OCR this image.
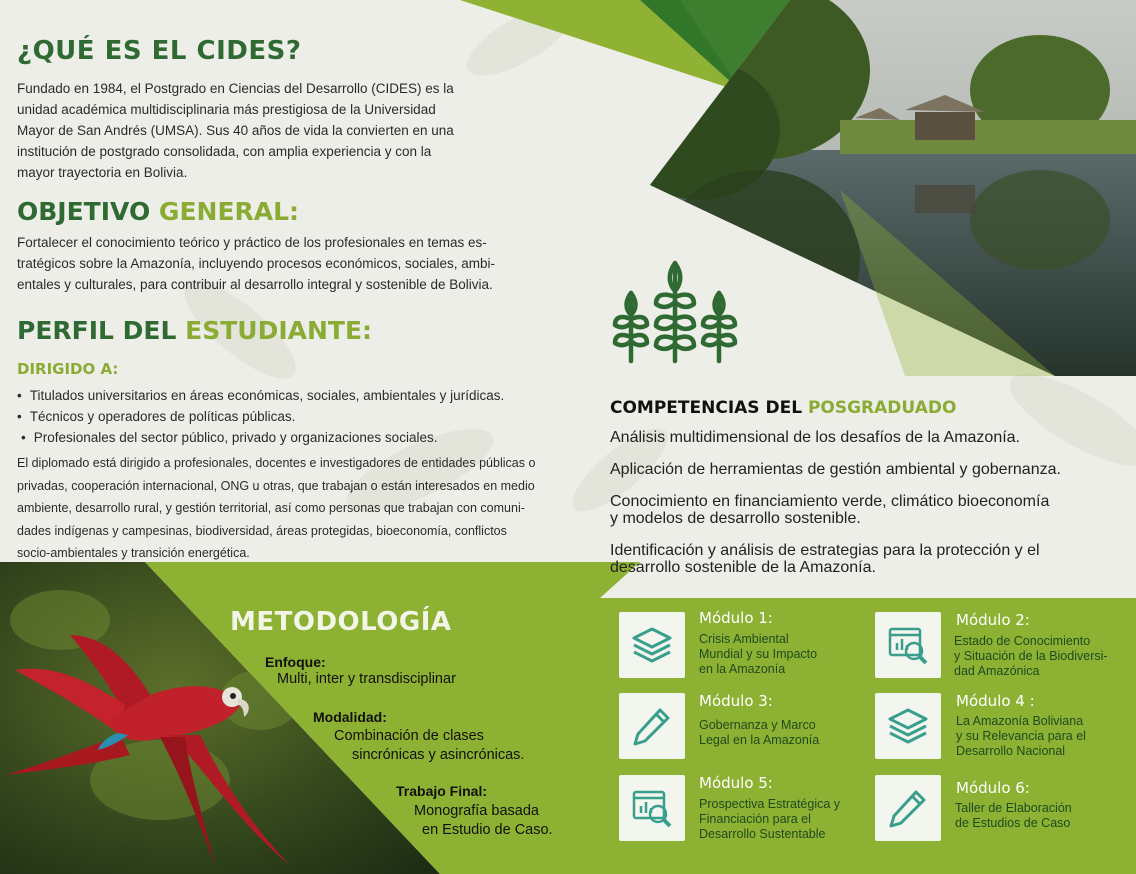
¿QUÉ ES EL CIDES?
Fundado en 1984, el Postgrado en Ciencias del Desarrollo (CIDES) es la
unidad académica multidisciplinaria más prestigiosa de la Universidad
Mayor de San Andrés (UMSA). Sus 40 años de vida la convierten en una
institución de postgrado consolidada, con amplia experiencia y con la
mayor trayectoria en Bolivia.
OBJETIVO GENERAL:
Fortalecer el conocimiento teórico y práctico de los profesionales en temas es-
tratégicos sobre la Amazonía, incluyendo procesos económicos, sociales, ambi-
entales y culturales, para contribuir al desarrollo integral y sostenible de Bolivia.
PERFIL DEL ESTUDIANTE:
DIRIGIDO A:
• Titulados universitarios en áreas económicas, sociales, ambientales y jurídicas.
• Técnicos y operadores de políticas públicas.
• Profesionales del sector público, privado y organizaciones sociales.
El diplomado está dirigido a profesionales, docentes e investigadores de entidades públicas o
privadas, cooperación internacional, ONG u otras, que trabajan o están interesados en medio
ambiente, desarrollo rural, y gestión territorial, así como personas que trabajan con comuni-
dades indígenas y campesinas, biodiversidad, áreas protegidas, bioeconomía, conflictos
socio-ambientales y transición energética.
COMPETENCIAS DEL POSGRADUADO

Análisis multidimensional de los desafíos de la Amazonía.

Aplicación de herramientas de gestión ambiental y gobernanza.

Conocimiento en financiamiento verde, climático bioeconomía
y modelos de desarrollo sostenible.

Identificación y análisis de estrategias para la protección y el
desarrollo sostenible de la Amazonía.

METODOLOGÍA
Enfoque:
Multi, inter y transdisciplinar
Modalidad:
Combinación de clases
sincrónicas y asincrónicas.
Trabajo Final:
Monografía basada
en Estudio de Caso.
Módulo 1:
Crisis Ambiental
Mundial y su Impacto
en la Amazonía
Módulo 2:
Estado de Conocimiento
y Situación de la Biodiversi-
dad Amazónica
Módulo 3:
Gobernanza y Marco
Legal en la Amazonía
Módulo 4 :
La Amazonía Boliviana
y su Relevancia para el
Desarrollo Nacional
Módulo 5:
Prospectiva Estratégica y
Financiación para el
Desarrollo Sustentable
Módulo 6:
Taller de Elaboración
de Estudios de Caso
